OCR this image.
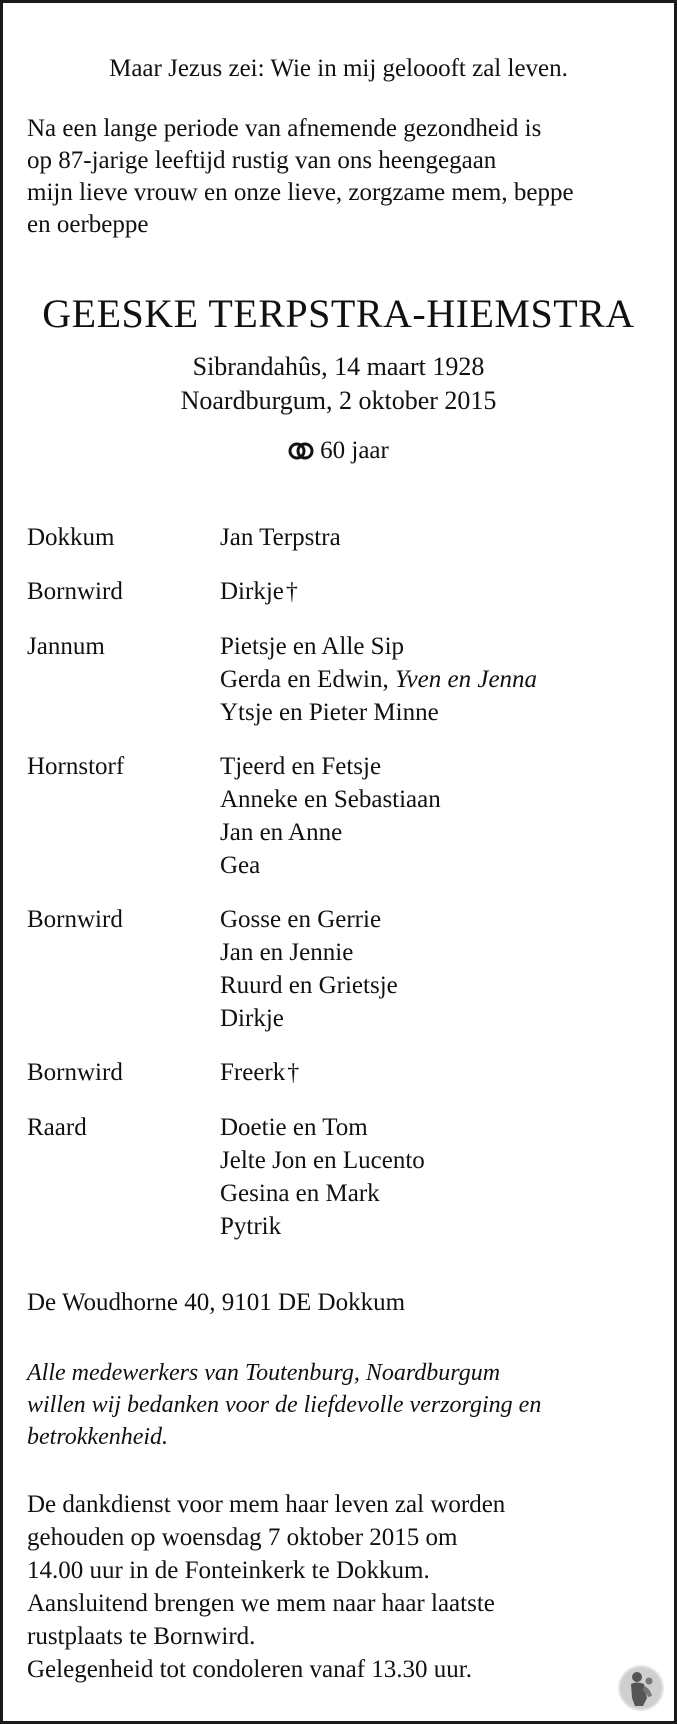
Maar Jezus zei: Wie in mij geloooft zal leven.
Na een lange periode van afnemende gezondheid is
op 87-jarige leeftijd rustig van ons heengegaan
mijn lieve vrouw en onze lieve, zorgzame mem, beppe
en oerbeppe
GEESKE TERPSTRA-HIEMSTRA
Sibrandahûs, 14 maart 1928
Noardburgum, 2 oktober 2015
60 jaar
Dokkum	Jan Terpstra
Bornwird	Dirkje†
Jannum	Pietsje en Alle Sip
Gerda en Edwin, Yven en Jenna
Ytsje en Pieter Minne
Hornstorf	Tjeerd en Fetsje
Anneke en Sebastiaan
Jan en Anne
Gea
Bornwird	Gosse en Gerrie
Jan en Jennie
Ruurd en Grietsje
Dirkje
Bornwird	Freerk†
Raard	Doetie en Tom
Jelte Jon en Lucento
Gesina en Mark
Pytrik
De Woudhorne 40, 9101 DE Dokkum
Alle medewerkers van Toutenburg, Noardburgum
willen wij bedanken voor de liefdevolle verzorging en
betrokkenheid.
De dankdienst voor mem haar leven zal worden
gehouden op woensdag 7 oktober 2015 om
14.00 uur in de Fonteinkerk te Dokkum.
Aansluitend brengen we mem naar haar laatste
rustplaats te Bornwird.
Gelegenheid tot condoleren vanaf 13.30 uur.
